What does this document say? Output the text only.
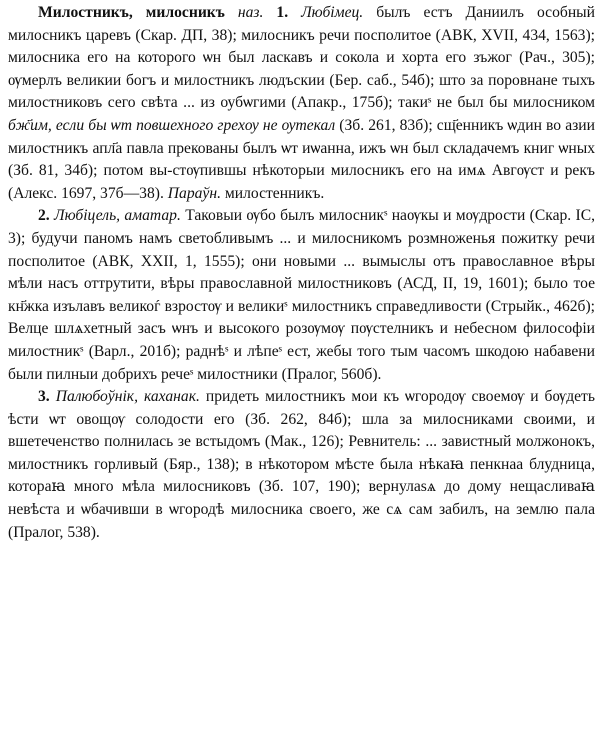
Милостникъ, милосникъ наз. 1. Любімец. былъ естъ Даниилъ особный милосникъ царевъ (Скар. ДП, 38); милосникъ речи посполитое (АВК, XVII, 434, 1563); милосника его на которого ѡн был ласкавъ и сокола и хорта его зъжог (Рач., 305); ѹмерлъ великии богъ и милостникъ людъскии (Бер. саб., 54б); што за поровнане тыхъ милостниковъ сего свѣта ... из оубѡгими (Апакр., 175б); такиˢ не был бы милосником бж҃им, если бы ѡт повшехного грехѹ не ѹтекал (Зб. 261, 83б); сщ҃енникъ ѡдин во азии милостникъ апл҃а павла прекованы былъ ѡт иѡанна, ижъ ѡн был складачемъ книг ѡных (Зб. 81, 34б); потом вы-стѹпившы нѣкоторыи милосникъ его на имѧ Авгѹст и рекъ (Алекс. 1697, 37б—38). Параўн. милостенникъ.

2. Любіцель, аматар. Таковыи ѹбо былъ милосникˢ наѹкы и мѹдрости (Скар. ІС, 3); будучи паномъ намъ светобливымъ ... и милосникомъ розмноженья пожитку речи посполитое (АВК, XXII, 1, 1555); они новыми ... вымыслы отъ православное вѣры мѣли насъ оттрутити, вѣры православной милостниковъ (АСД, II, 19, 1601); было тое кн҃жка изълавъ великоѓ взростѹ и великиˢ милостникъ справедливости (Стрыйк., 462б); Велце шлѧхетный засъ ѡнъ и высокого розѹмѹ пѹстелникъ и небесном философіи милостникˢ (Варл., 201б); раднѣˢ и лѣпеˢ ест, жебы того тым часомъ шкодою набавени были пилныи добрихъ речеˢ милостники (Пралог, 560б).

3. Палюбоўнік, каханак. придеть милостникъ мои къ ѡгородѹ своемѹ и бѹдеть ѣсти ѡт овощѹ солодости его (Зб. 262, 84б); шла за милосниками своими, и вшетеченство полнилась зе встыдомъ (Мак., 126); Ревнитель: ... завистный молжонокъ, милостникъ горливый (Бяр., 138); в нѣкотором мѣсте была нѣкаꙗ пенкнаа блудница, котораꙗ много мѣла милосниковъ (Зб. 107, 190); вернулаѕѧ до дому нещасливаꙗ невѣста и ѡбачивши в ѡгородѣ милосника своего, же сѧ сам забилъ, на землю пала (Пралог, 538).
